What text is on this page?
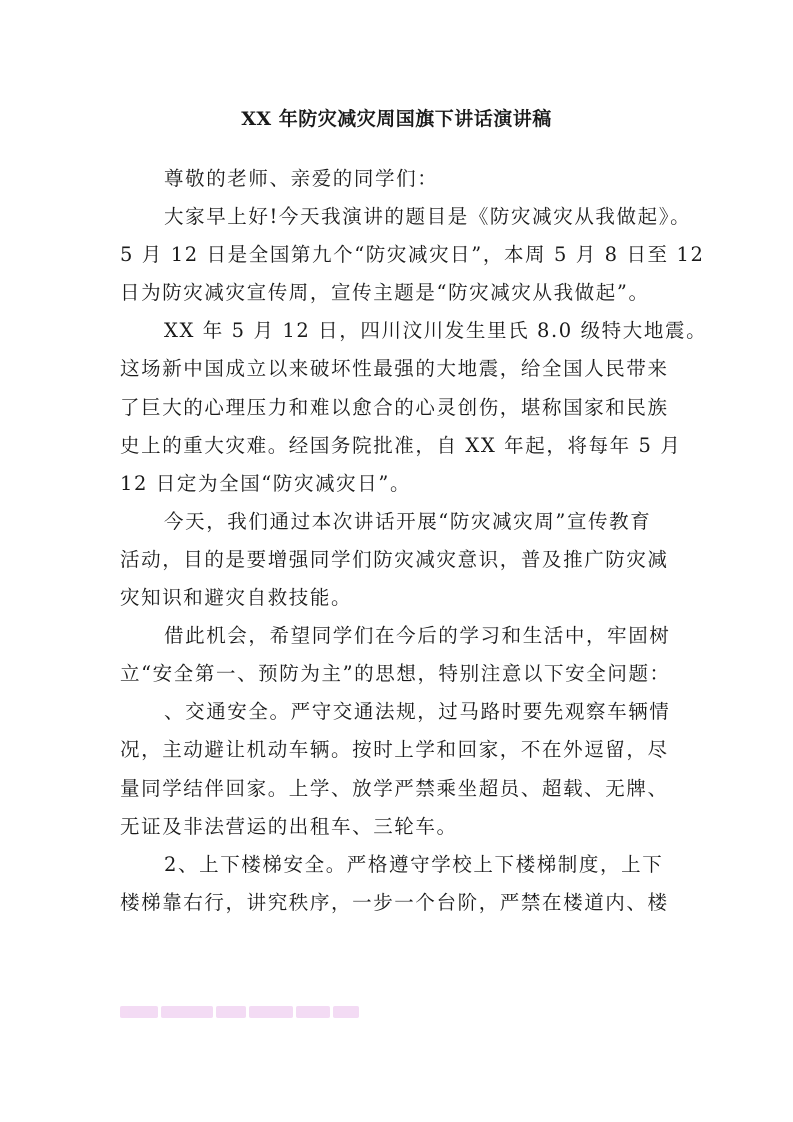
XX 年防灾减灾周国旗下讲话演讲稿
尊敬的老师、亲爱的同学们：
大家早上好!今天我演讲的题目是《防灾减灾从我做起》。
5 月 12 日是全国第九个“防灾减灾日”，本周 5 月 8 日至 12
日为防灾减灾宣传周，宣传主题是“防灾减灾从我做起”。
XX 年 5 月 12 日，四川汶川发生里氏 8.0 级特大地震。
这场新中国成立以来破坏性最强的大地震，给全国人民带来
了巨大的心理压力和难以愈合的心灵创伤，堪称国家和民族
史上的重大灾难。经国务院批准，自 XX 年起，将每年 5 月
12 日定为全国“防灾减灾日”。
今天，我们通过本次讲话开展“防灾减灾周”宣传教育
活动，目的是要增强同学们防灾减灾意识，普及推广防灾减
灾知识和避灾自救技能。
借此机会，希望同学们在今后的学习和生活中，牢固树
立“安全第一、预防为主”的思想，特别注意以下安全问题：
、交通安全。严守交通法规，过马路时要先观察车辆情
况，主动避让机动车辆。按时上学和回家，不在外逗留，尽
量同学结伴回家。上学、放学严禁乘坐超员、超载、无牌、
无证及非法营运的出租车、三轮车。
2、上下楼梯安全。严格遵守学校上下楼梯制度，上下
楼梯靠右行，讲究秩序，一步一个台阶，严禁在楼道内、楼
